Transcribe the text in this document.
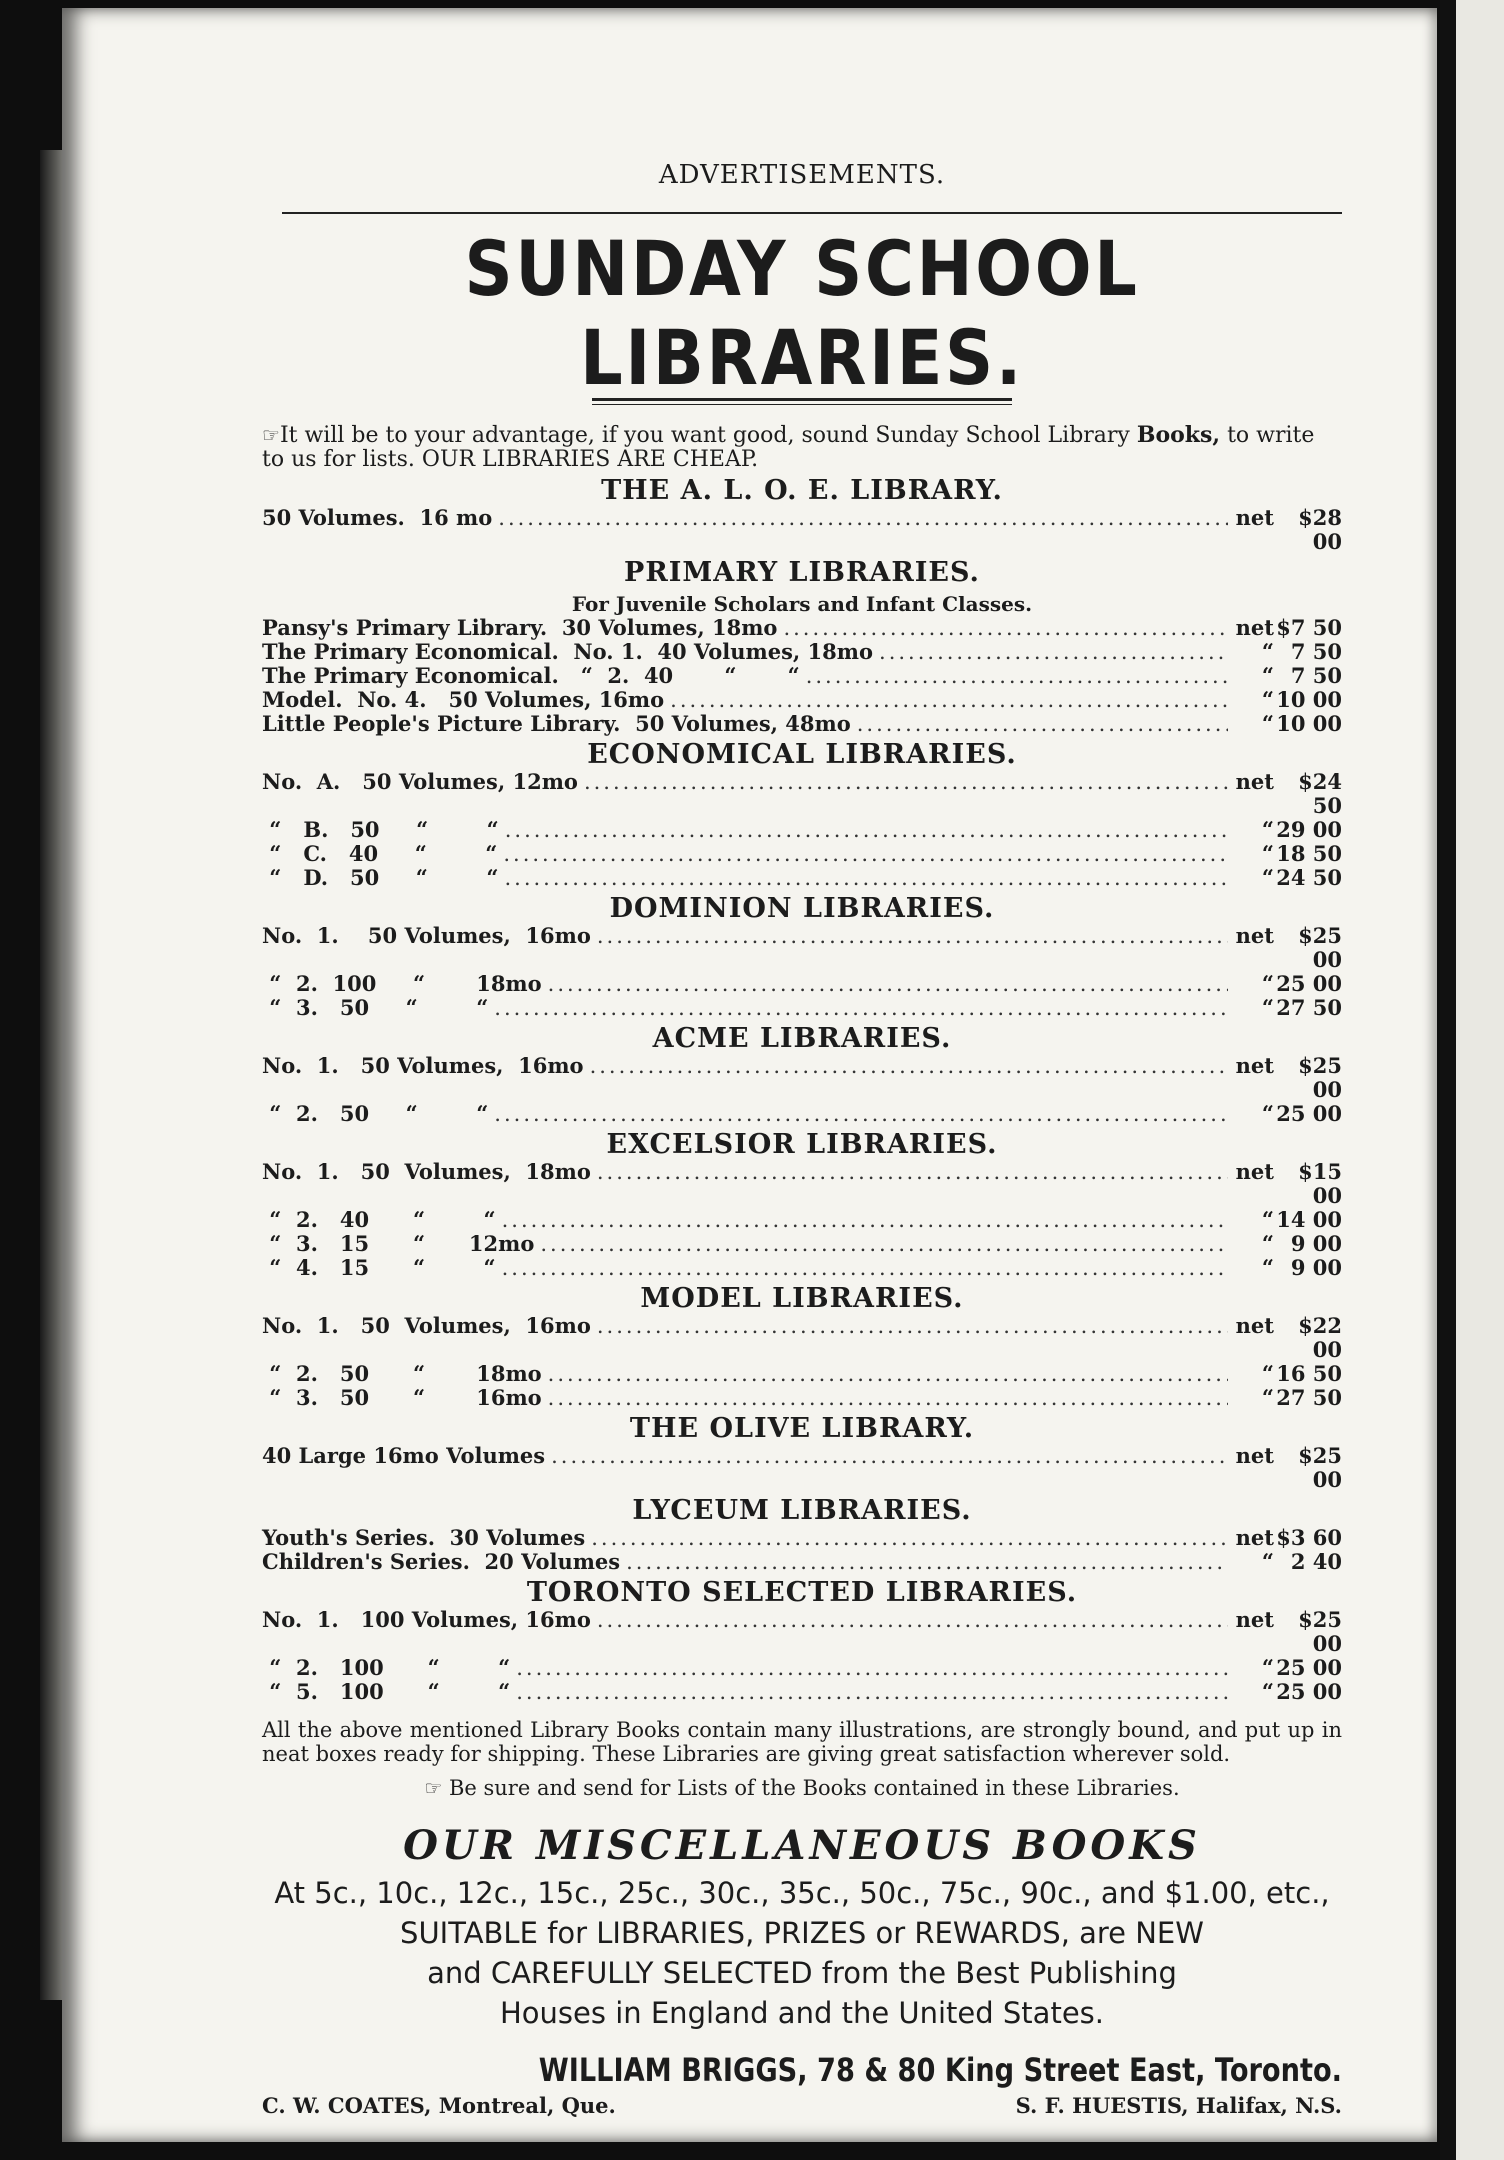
ADVERTISEMENTS.
SUNDAY SCHOOL LIBRARIES.
☞It will be to your advantage, if you want good, sound Sunday School Library Books, to write to us for lists. OUR LIBRARIES ARE CHEAP.
THE A. L. O. E. LIBRARY.
50 Volumes.  16 mo .....	net	$28 00
PRIMARY LIBRARIES.
For Juvenile Scholars and Infant Classes.
Pansy's Primary Library.  30 Volumes, 18mo .....	net $7 50
The Primary Economical.  No. 1.  40 Volumes, 18mo .....	“ 7 50
The Primary Economical.   “  2.  40       “       “ .....	“ 7 50
Model.  No. 4.   50 Volumes, 16mo .....	“ 10 00
Little People's Picture Library.  50 Volumes, 48mo .....	“ 10 00
ECONOMICAL LIBRARIES.
No.  A.   50 Volumes, 12mo .....	net	$24 50
“   B.   50     “        “ .....	“ 29 00
“   C.   40     “        “ .....	“ 18 50
“   D.   50     “        “ .....	“ 24 50
DOMINION LIBRARIES.
No.  1.    50 Volumes,  16mo .....	net	$25 00
“  2.  100     “       18mo .....	“ 25 00
“  3.   50     “        “ .....	“ 27 50
ACME LIBRARIES.
No.  1.   50 Volumes,  16mo .....	net	$25 00
“  2.   50     “        “ .....	“ 25 00
EXCELSIOR LIBRARIES.
No.  1.   50  Volumes,  18mo .....	net	$15 00
“  2.   40      “        “ .....	“ 14 00
“  3.   15      “      12mo .....	“ 9 00
“  4.   15      “        “ .....	“ 9 00
MODEL LIBRARIES.
No.  1.   50  Volumes,  16mo .....	net	$22 00
“  2.   50      “       18mo .....	“ 16 50
“  3.   50      “       16mo .....	“ 27 50
THE OLIVE LIBRARY.
40 Large 16mo Volumes .....	net	$25 00
LYCEUM LIBRARIES.
Youth's Series.  30 Volumes .....	net $3 60
Children's Series.  20 Volumes .....	“ 2 40
TORONTO SELECTED LIBRARIES.
No.  1.   100 Volumes, 16mo .....	net	$25 00
“  2.   100      “        “ .....	“ 25 00
“  5.   100      “        “ .....	“ 25 00
All the above mentioned Library Books contain many illustrations, are strongly bound, and put up in neat boxes ready for shipping. These Libraries are giving great satisfaction wherever sold.
☞ Be sure and send for Lists of the Books contained in these Libraries.
OUR MISCELLANEOUS BOOKS
At 5c., 10c., 12c., 15c., 25c., 30c., 35c., 50c., 75c., 90c., and $1.00, etc.,
SUITABLE for LIBRARIES, PRIZES or REWARDS, are NEW
and CAREFULLY SELECTED from the Best Publishing
Houses in England and the United States.
WILLIAM BRIGGS, 78 & 80 King Street East, Toronto.
C. W. COATES, Montreal, Que.	S. F. HUESTIS, Halifax, N.S.
